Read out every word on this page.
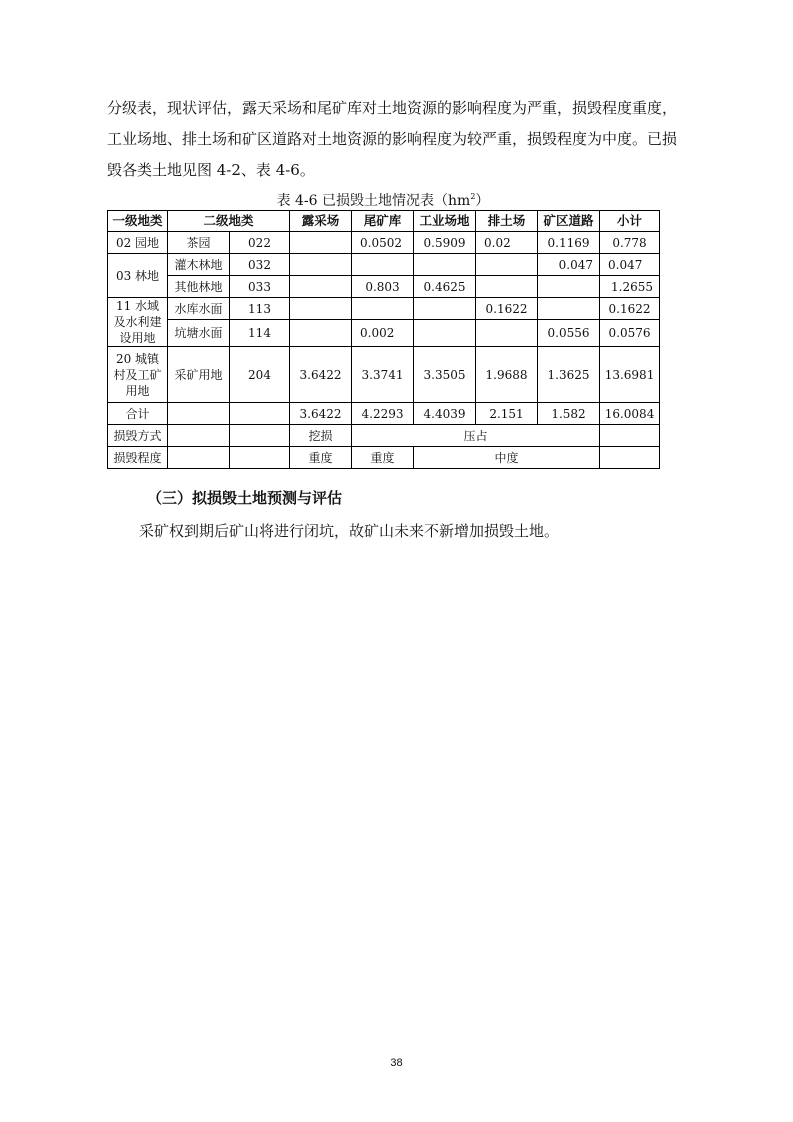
分级表，现状评估，露天采场和尾矿库对土地资源的影响程度为严重，损毁程度重度，

工业场地、排土场和矿区道路对土地资源的影响程度为较严重，损毁程度为中度。已损

毁各类土地见图 4-2、表 4-6。

表 4-6 已损毁土地情况表$(hm^2)$
一级地类	二级地类		露采场	尾矿库	工业场地	排土场	矿区道路	小计
02 园地	茶园	022		0.0502	0.5909	0.02	0.1169	0.778
03 林地	灌木林地	032					0.047	0.047
	其他林地	033		0.803	0.4625			1.2655
11 水域及水利建设用地	水库水面	113				0.1622		0.1622
	坑塘水面	114		0.002			0.0556	0.0576
20 城镇村及工矿用地	采矿用地	204	3.6422	3.3741	3.3505	1.9688	1.3625	13.6981
合计			3.6422	4.2293	4.4039	2.151	1.582	16.0084
损毁方式			挖损	压占				
损毁程度			重度	重度	中度			
（三）拟损毁土地预测与评估

采矿权到期后矿山将进行闭坑，故矿山未来不新增加损毁土地。

38
